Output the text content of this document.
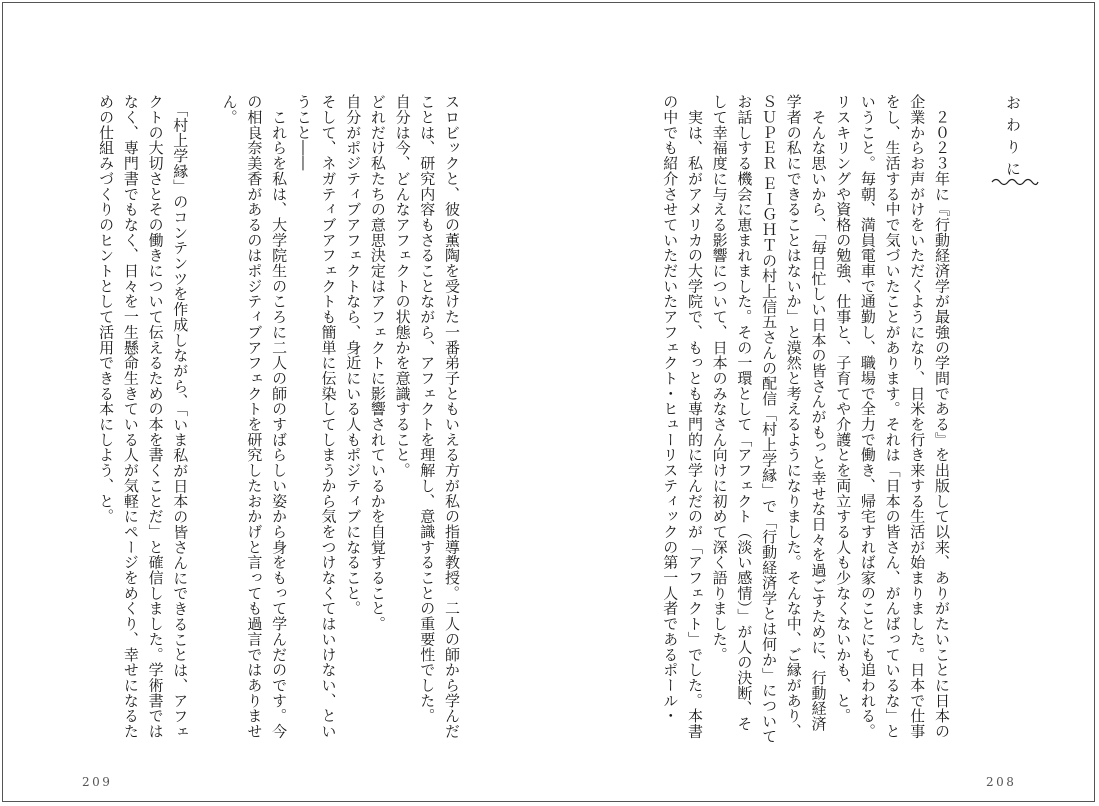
おわりに

　２０２３年に『行動経済学が最強の学問である』を出版して以来、ありがたいことに日本の企業からお声がけをいただくようになり、日米を行き来する生活が始まりました。日本で仕事をし、生活する中で気づいたことがあります。それは「日本の皆さん、がんばっているな」ということ。毎朝、満員電車で通勤し、職場で全力で働き、帰宅すれば家のことにも追われる。リスキリングや資格の勉強、仕事と、子育てや介護とを両立する人も少なくないかも、と。

　そんな思いから、「毎日忙しい日本の皆さんがもっと幸せな日々を過ごすために、行動経済学者の私にできることはないか」と漠然と考えるようになりました。そんな中、ご縁があり、ＳＵＰＥＲ ＥＩＧＨＴの村上信五さんの配信「村上学縁」で「行動経済学とは何か」についてお話しする機会に恵まれました。その一環として「アフェクト（淡い感情）」が人の決断、そして幸福度に与える影響について、日本のみなさん向けに初めて深く語りました。

　実は、私がアメリカの大学院で、もっとも専門的に学んだのが「アフェクト」でした。本書の中でも紹介させていただいたアフェクト・ヒューリスティックの第一人者であるポール・

スロビックと、彼の薫陶を受けた一番弟子ともいえる方が私の指導教授。二人の師から学んだことは、研究内容もさることながら、アフェクトを理解し、意識することの重要性でした。

自分は今、どんなアフェクトの状態かを意識すること。

どれだけ私たちの意思決定はアフェクトに影響されているかを自覚すること。

自分がポジティブアフェクトなら、身近にいる人もポジティブになること。

そして、ネガティブアフェクトも簡単に伝染してしまうから気をつけなくてはいけない、ということ――

　これらを私は、大学院生のころに二人の師のすばらしい姿から身をもって学んだのです。今の相良奈美香があるのはポジティブアフェクトを研究したおかげと言っても過言ではありません。

　「村上学縁」のコンテンツを作成しながら、「いま私が日本の皆さんにできることは、アフェクトの大切さとその働きについて伝えるための本を書くことだ」と確信しました。学術書ではなく、専門書でもなく、日々を一生懸命生きている人が気軽にページをめくり、幸せになるための仕組みづくりのヒントとして活用できる本にしよう、と。

209	208
